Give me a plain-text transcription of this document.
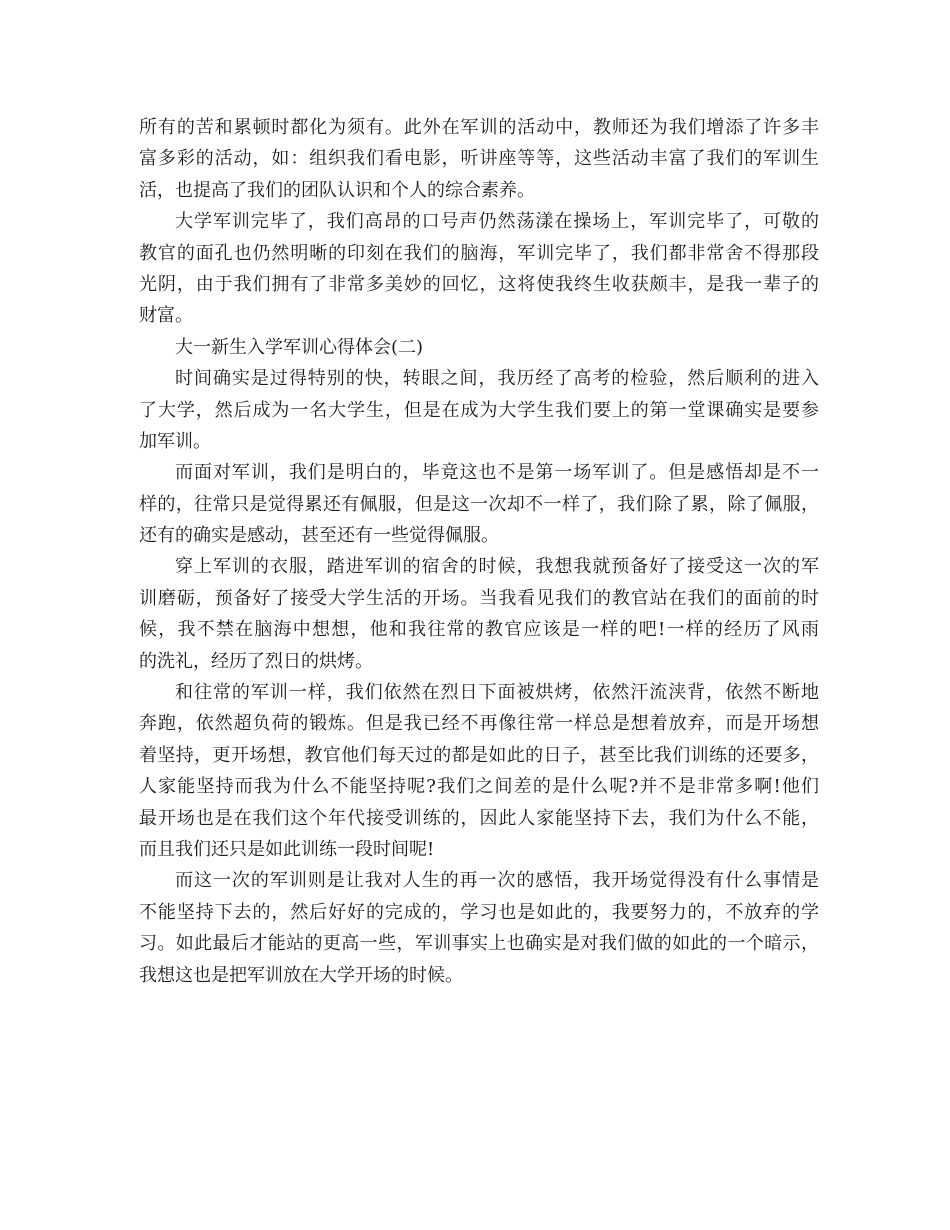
所有的苦和累顿时都化为须有。此外在军训的活动中，教师还为我们增添了许多丰
富多彩的活动，如：组织我们看电影，听讲座等等，这些活动丰富了我们的军训生
活，也提高了我们的团队认识和个人的综合素养。
大学军训完毕了，我们高昂的口号声仍然荡漾在操场上，军训完毕了，可敬的
教官的面孔也仍然明晰的印刻在我们的脑海，军训完毕了，我们都非常舍不得那段
光阴，由于我们拥有了非常多美妙的回忆，这将使我终生收获颇丰，是我一辈子的
财富。
大一新生入学军训心得体会(二)
时间确实是过得特别的快，转眼之间，我历经了高考的检验，然后顺利的进入
了大学，然后成为一名大学生，但是在成为大学生我们要上的第一堂课确实是要参
加军训。
而面对军训，我们是明白的，毕竟这也不是第一场军训了。但是感悟却是不一
样的，往常只是觉得累还有佩服，但是这一次却不一样了，我们除了累，除了佩服，
还有的确实是感动，甚至还有一些觉得佩服。
穿上军训的衣服，踏进军训的宿舍的时候，我想我就预备好了接受这一次的军
训磨砺，预备好了接受大学生活的开场。当我看见我们的教官站在我们的面前的时
候，我不禁在脑海中想想，他和我往常的教官应该是一样的吧!一样的经历了风雨
的洗礼，经历了烈日的烘烤。
和往常的军训一样，我们依然在烈日下面被烘烤，依然汗流浃背，依然不断地
奔跑，依然超负荷的锻炼。但是我已经不再像往常一样总是想着放弃，而是开场想
着坚持，更开场想，教官他们每天过的都是如此的日子，甚至比我们训练的还要多，
人家能坚持而我为什么不能坚持呢?我们之间差的是什么呢?并不是非常多啊!他们
最开场也是在我们这个年代接受训练的，因此人家能坚持下去，我们为什么不能，
而且我们还只是如此训练一段时间呢!
而这一次的军训则是让我对人生的再一次的感悟，我开场觉得没有什么事情是
不能坚持下去的，然后好好的完成的，学习也是如此的，我要努力的，不放弃的学
习。如此最后才能站的更高一些，军训事实上也确实是对我们做的如此的一个暗示，
我想这也是把军训放在大学开场的时候。
